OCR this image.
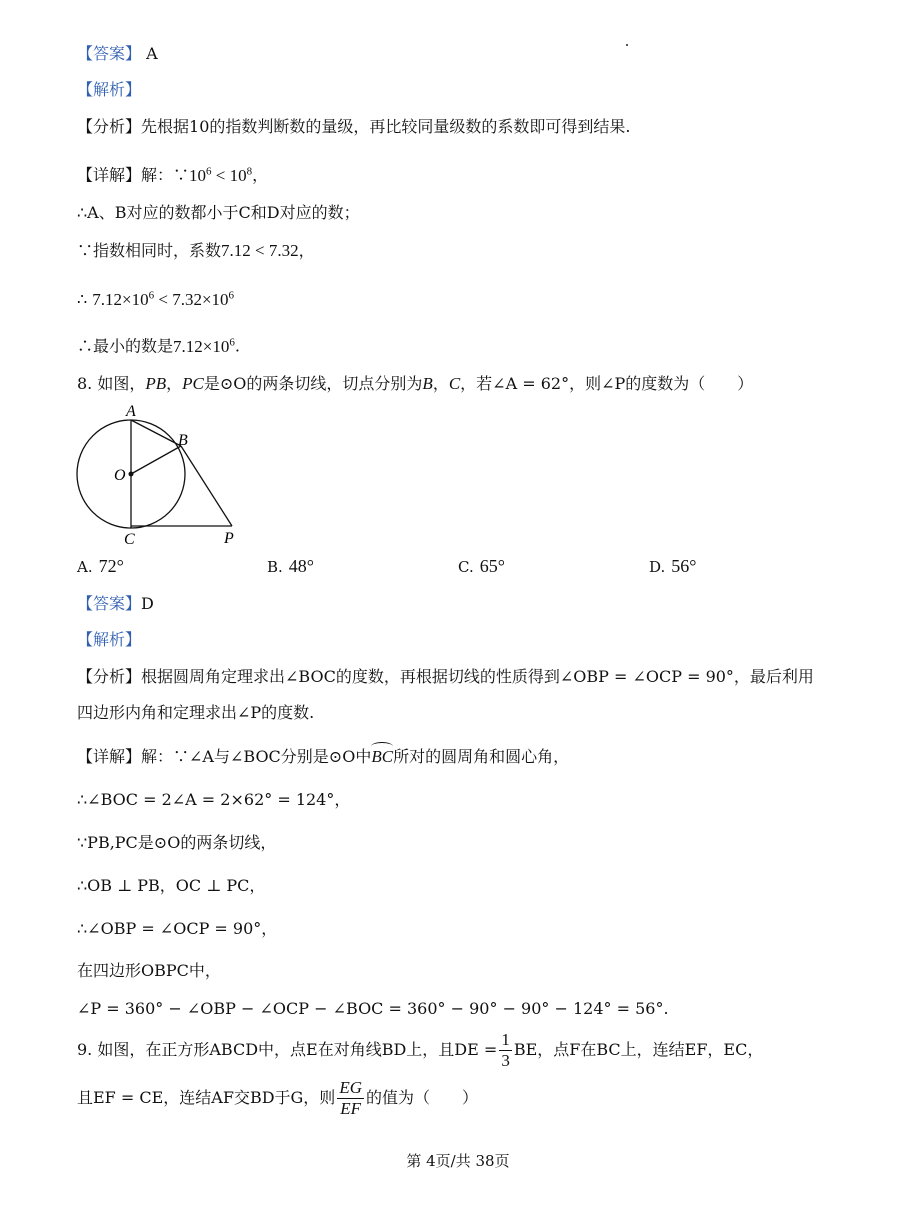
【答案】 A
【解析】
【分析】先根据10的指数判断数的量级，再比较同量级数的系数即可得到结果.
【详解】解：$\because 10^6 < 10^8$，
∴A、B对应的数都小于C和D对应的数；
∵指数相同时，系数7.12 < 7.32，
∴ $7.12\times 10^6 < 7.32\times 10^6$
∴最小的数是$7.12\times 10^6$.
8. 如图，PB，PC是⊙O的两条切线，切点分别为B，C，若∠A = 62°，则∠P的度数为（　　）
A
B
O
C	P
A. 72°	B. 48°	C. 65°	D. 56°
【答案】D
【解析】
【分析】根据圆周角定理求出∠BOC的度数，再根据切线的性质得到∠OBP = ∠OCP = 90°，最后利用
四边形内角和定理求出∠P的度数.
【详解】解：∵∠A与∠BOC分别是⊙O中BC所对的圆周角和圆心角，
∴∠BOC = 2∠A = 2×62° = 124°，
∵PB,PC是⊙O的两条切线，
∴OB ⊥ PB，OC ⊥ PC，
∴∠OBP = ∠OCP = 90°，
在四边形OBPC中，
∠P = 360° − ∠OBP − ∠OCP − ∠BOC = 360° − 90° − 90° − 124° = 56°.
9. 如图，在正方形ABCD中，点E在对角线BD上，且DE = $\frac{1}{3}$ BE，点F在BC上，连结EF，EC，
且EF = CE，连结AF交BD于G，则 $\frac{EG}{EF}$ 的值为（　　）
第 4页/共 38页
